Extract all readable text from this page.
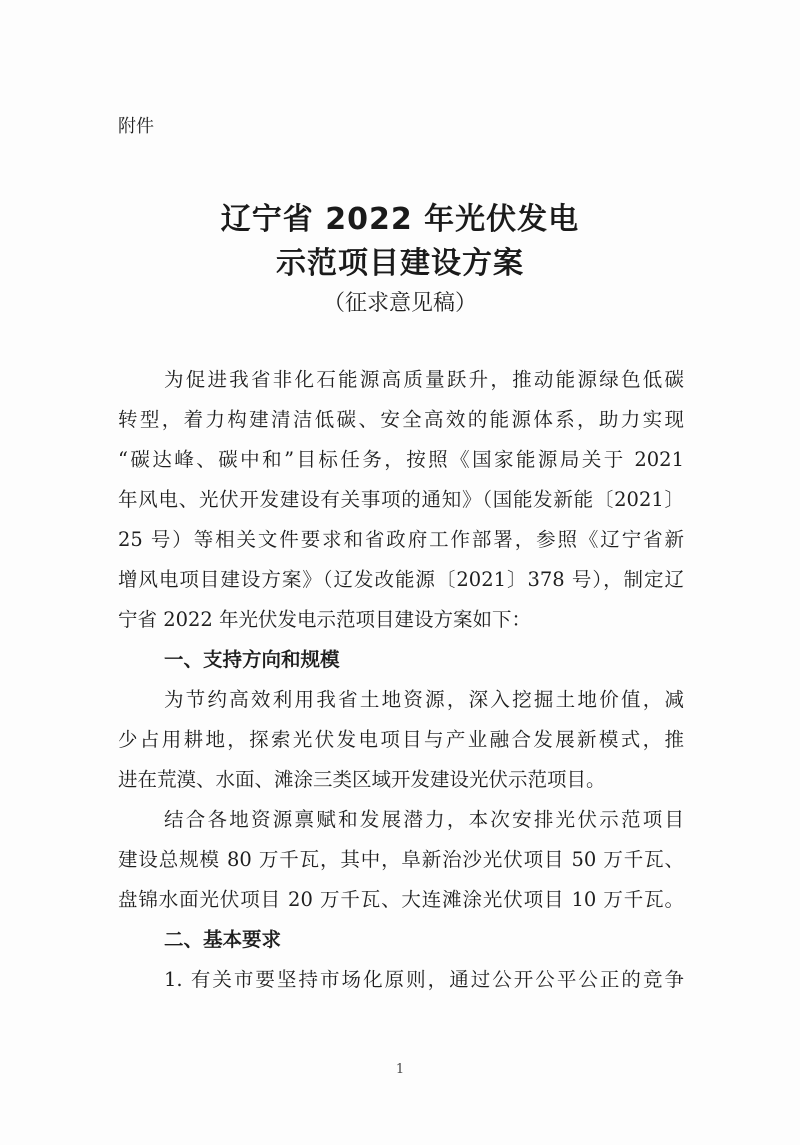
附件
辽宁省 2022 年光伏发电
示范项目建设方案
（征求意见稿）
为促进我省非化石能源高质量跃升，推动能源绿色低碳
转型，着力构建清洁低碳、安全高效的能源体系，助力实现
“碳达峰、碳中和”目标任务，按照《国家能源局关于 2021
年风电、光伏开发建设有关事项的通知》（国能发新能〔2021〕
25 号）等相关文件要求和省政府工作部署，参照《辽宁省新
增风电项目建设方案》（辽发改能源〔2021〕378 号），制定辽
宁省 2022 年光伏发电示范项目建设方案如下：
一、支持方向和规模
为节约高效利用我省土地资源，深入挖掘土地价值，减
少占用耕地，探索光伏发电项目与产业融合发展新模式，推
进在荒漠、水面、滩涂三类区域开发建设光伏示范项目。
结合各地资源禀赋和发展潜力，本次安排光伏示范项目
建设总规模 80 万千瓦，其中，阜新治沙光伏项目 50 万千瓦、
盘锦水面光伏项目 20 万千瓦、大连滩涂光伏项目 10 万千瓦。
二、基本要求
1. 有关市要坚持市场化原则，通过公开公平公正的竞争
1
